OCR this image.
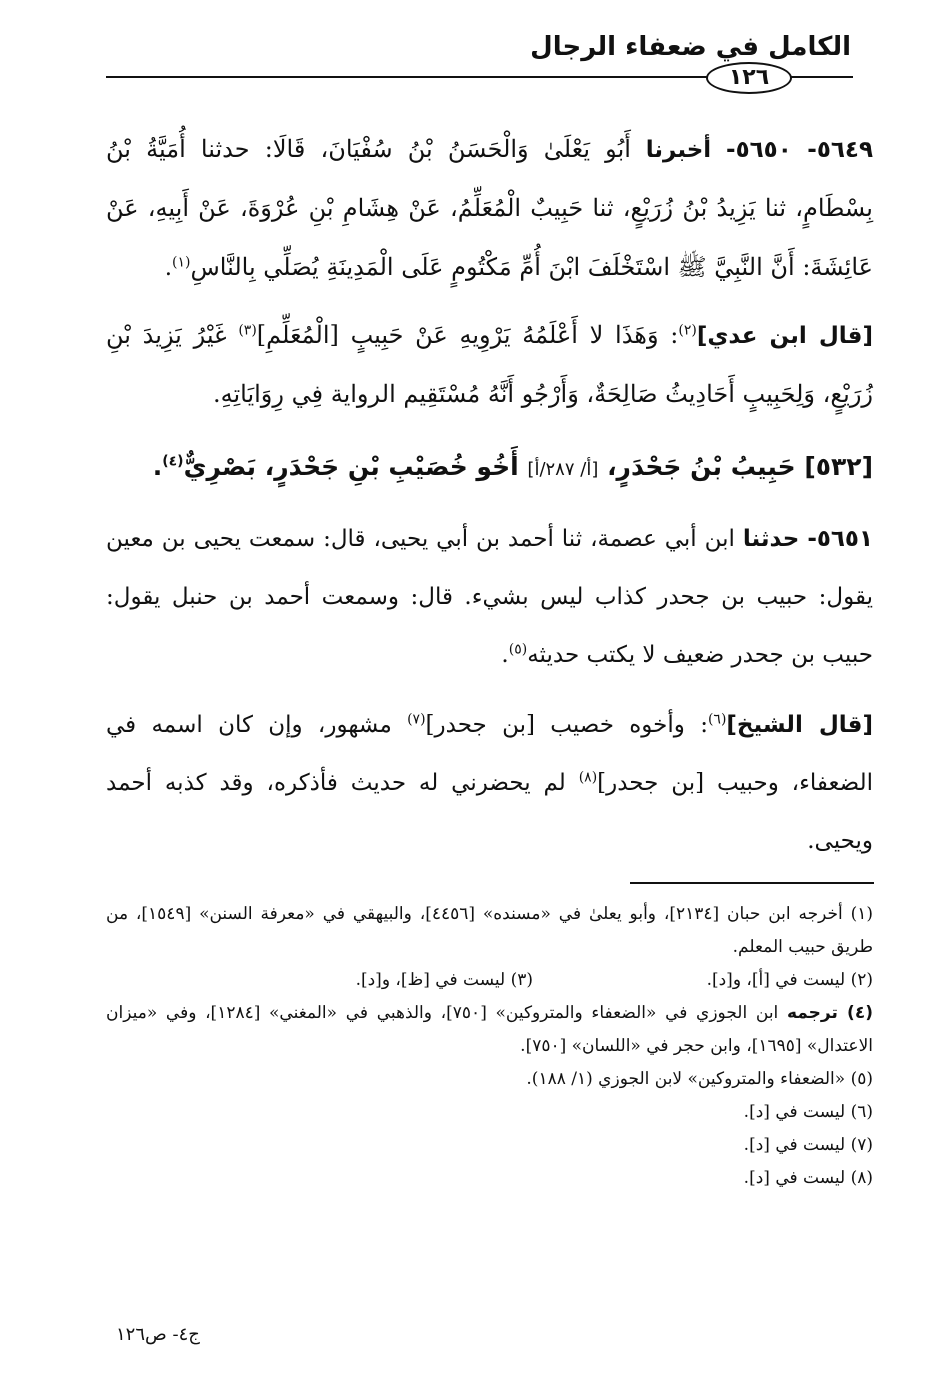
الكامل في ضعفاء الرجال
١٢٦
٥٦٤٩- ٥٦٥٠- أخبرنا أَبُو يَعْلَىٰ وَالْحَسَنُ بْنُ سُفْيَانَ، قَالَا: حدثنا أُمَيَّةُ بْنُ بِسْطَامٍ، ثنا يَزِيدُ بْنُ زُرَيْعٍ، ثنا حَبِيبٌ الْمُعَلِّمُ، عَنْ هِشَامِ بْنِ عُرْوَةَ، عَنْ أَبِيهِ، عَنْ عَائِشَةَ: أَنَّ النَّبِيَّ ﷺ اسْتَخْلَفَ ابْنَ أُمِّ مَكْتُومٍ عَلَى الْمَدِينَةِ يُصَلِّي بِالنَّاسِ$^{(١)}$.
[قال ابن عدي]$^{(٢)}$: وَهَذَا لا أَعْلَمُهُ يَرْوِيهِ عَنْ حَبِيبٍ [الْمُعَلِّمِ]$^{(٣)}$ غَيْرُ يَزِيدَ بْنِ زُرَيْعٍ، وَلِحَبِيبٍ أَحَادِيثُ صَالِحَةٌ، وَأَرْجُو أَنَّهُ مُسْتَقِيم الرواية فِي رِوَايَاتِهِ.
[٥٣٢] حَبِيبُ بْنُ جَحْدَرٍ، [أ/ ٢٨٧/أ] أَخُو خُصَيْبِ بْنِ جَحْدَرٍ، بَصْرِيٌّ$^{(٤)}$.
٥٦٥١- حدثنا ابن أبي عصمة، ثنا أحمد بن أبي يحيى، قال: سمعت يحيى بن معين يقول: حبيب بن جحدر كذاب ليس بشيء. قال: وسمعت أحمد بن حنبل يقول: حبيب بن جحدر ضعيف لا يكتب حديثه$^{(٥)}$.
[قال الشيخ]$^{(٦)}$: وأخوه خصيب [بن جحدر]$^{(٧)}$ مشهور، وإن كان اسمه في الضعفاء، وحبيب [بن جحدر]$^{(٨)}$ لم يحضرني له حديث فأذكره، وقد كذبه أحمد ويحيى.
(١) أخرجه ابن حبان [٢١٣٤]، وأبو يعلىٰ في «مسنده» [٤٤٥٦]، والبيهقي في «معرفة السنن» [١٥٤٩]، من طريق حبيب المعلم.
(٢) ليست في [أ]، و[د].
(٣) ليست في [ظ]، و[د].
(٤) ترجمه ابن الجوزي في «الضعفاء والمتروكين» [٧٥٠]، والذهبي في «المغني» [١٢٨٤]، وفي «ميزان الاعتدال» [١٦٩٥]، وابن حجر في «اللسان» [٧٥٠].
(٥) «الضعفاء والمتروكين» لابن الجوزي (١/ ١٨٨).
(٦) ليست في [د].
(٧) ليست في [د].
(٨) ليست في [د].
ج٤- ص١٢٦
